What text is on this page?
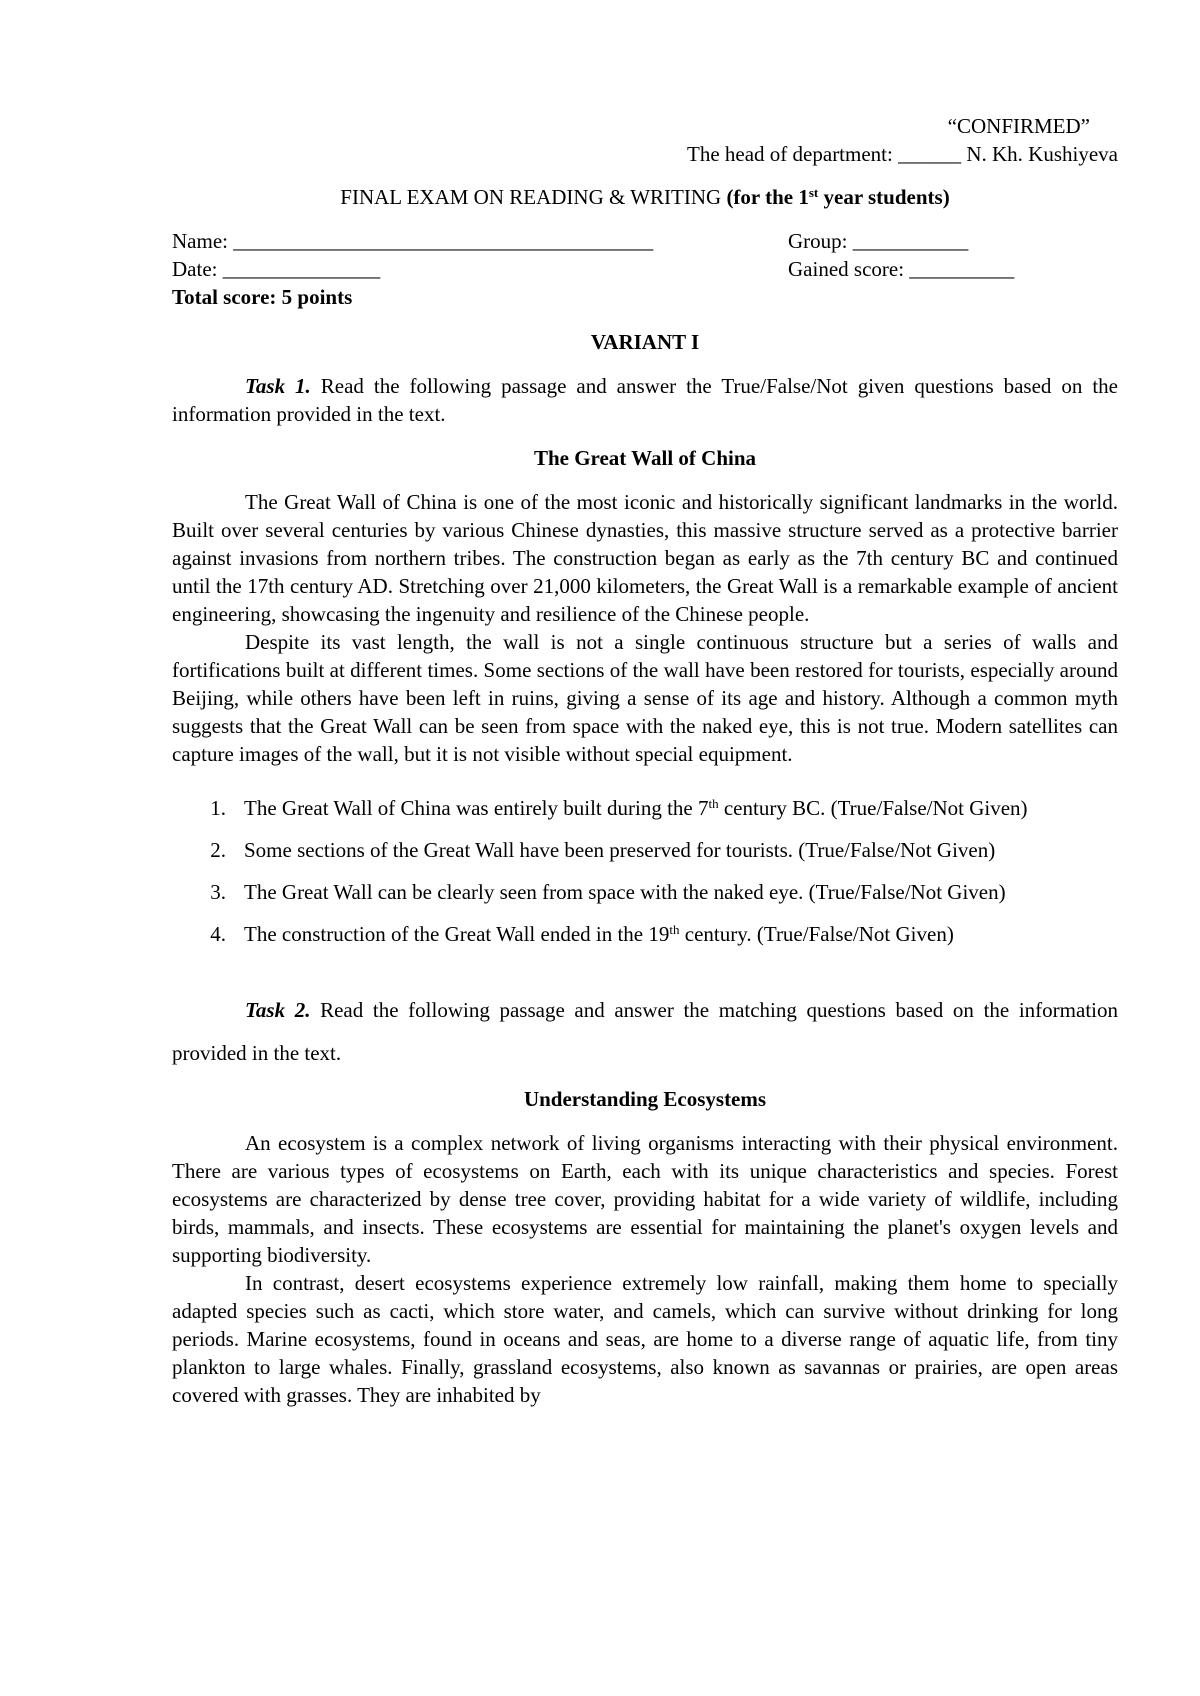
“CONFIRMED”

The head of department: ______ N. Kh. Kushiyeva

FINAL EXAM ON READING & WRITING (for the 1st year students)

Name: ________________________________________	Group: ___________
Date: _______________	Gained score: __________

Total score: 5 points

VARIANT I

Task 1. Read the following passage and answer the True/False/Not given questions based on the information provided in the text.

The Great Wall of China

The Great Wall of China is one of the most iconic and historically significant landmarks in the world. Built over several centuries by various Chinese dynasties, this massive structure served as a protective barrier against invasions from northern tribes. The construction began as early as the 7th century BC and continued until the 17th century AD. Stretching over 21,000 kilometers, the Great Wall is a remarkable example of ancient engineering, showcasing the ingenuity and resilience of the Chinese people.

Despite its vast length, the wall is not a single continuous structure but a series of walls and fortifications built at different times. Some sections of the wall have been restored for tourists, especially around Beijing, while others have been left in ruins, giving a sense of its age and history. Although a common myth suggests that the Great Wall can be seen from space with the naked eye, this is not true. Modern satellites can capture images of the wall, but it is not visible without special equipment.

1. The Great Wall of China was entirely built during the 7th century BC. (True/False/Not Given)
2. Some sections of the Great Wall have been preserved for tourists. (True/False/Not Given)
3. The Great Wall can be clearly seen from space with the naked eye. (True/False/Not Given)
4. The construction of the Great Wall ended in the 19th century. (True/False/Not Given)

Task 2. Read the following passage and answer the matching questions based on the information provided in the text.

Understanding Ecosystems

An ecosystem is a complex network of living organisms interacting with their physical environment. There are various types of ecosystems on Earth, each with its unique characteristics and species. Forest ecosystems are characterized by dense tree cover, providing habitat for a wide variety of wildlife, including birds, mammals, and insects. These ecosystems are essential for maintaining the planet's oxygen levels and supporting biodiversity.

In contrast, desert ecosystems experience extremely low rainfall, making them home to specially adapted species such as cacti, which store water, and camels, which can survive without drinking for long periods. Marine ecosystems, found in oceans and seas, are home to a diverse range of aquatic life, from tiny plankton to large whales. Finally, grassland ecosystems, also known as savannas or prairies, are open areas covered with grasses. They are inhabited by
